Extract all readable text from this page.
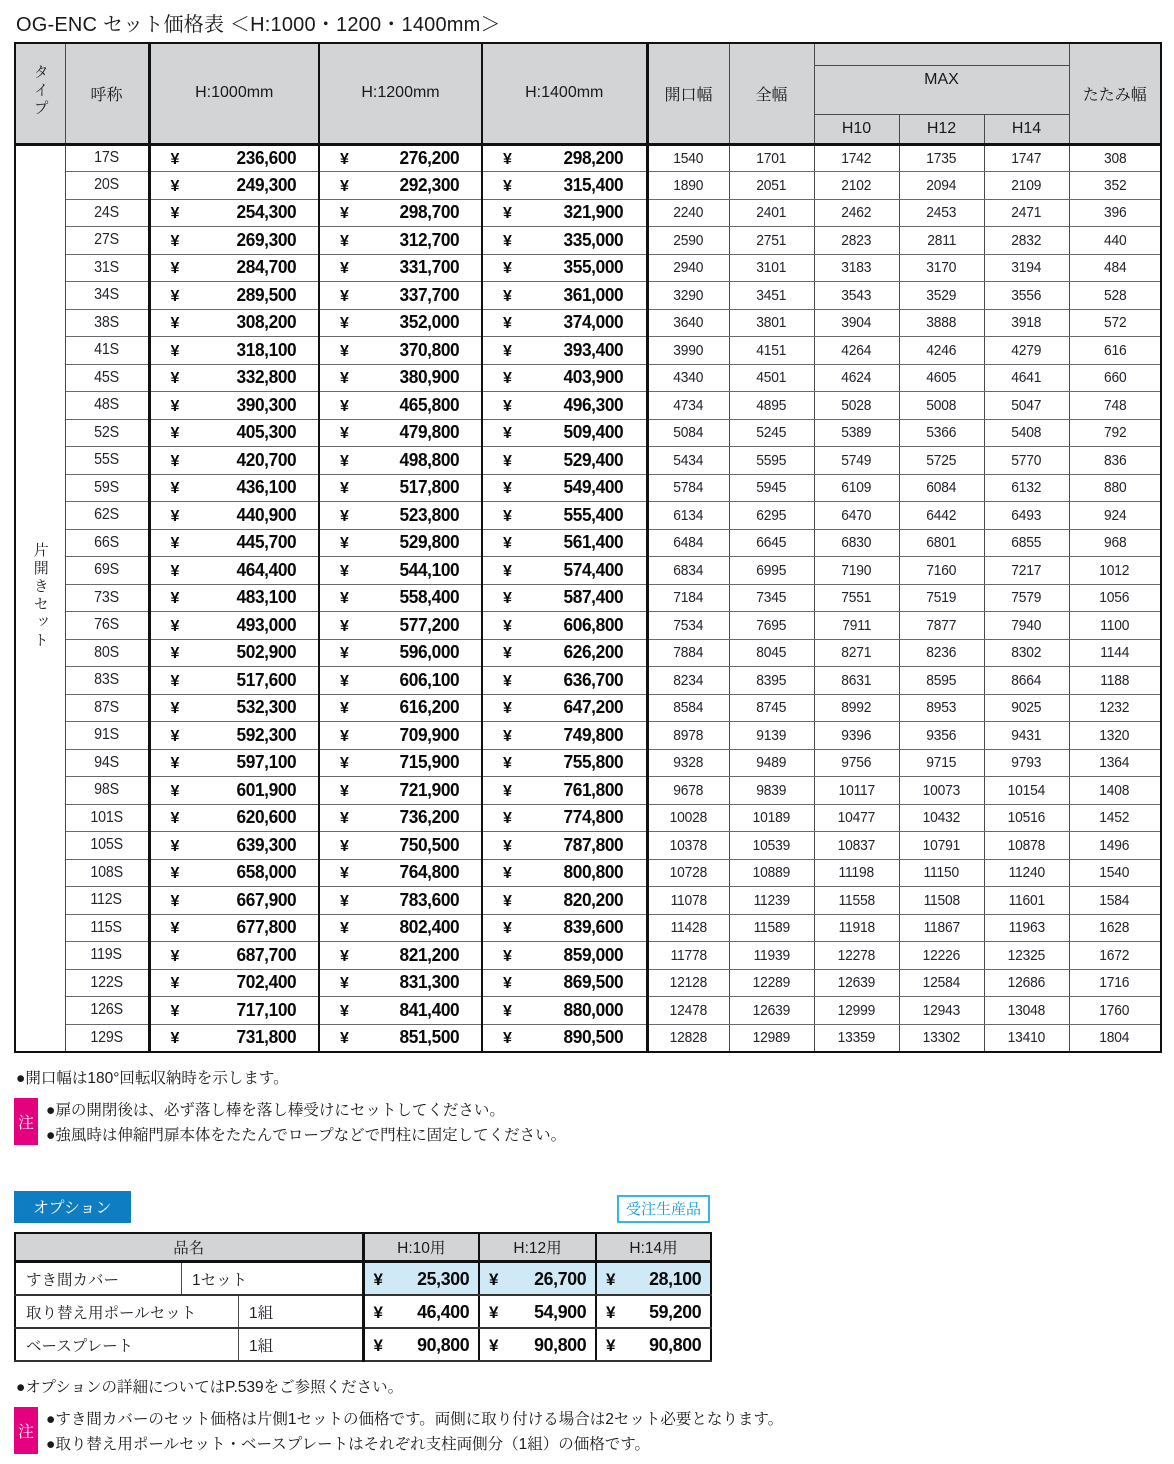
OG-ENC セット価格表 ＜H:1000・1200・1400mm＞
タイプ	呼称	H:1000mm	H:1200mm	H:1400mm	開口幅	全幅	MAX			たたみ幅
							H10	H12	H14	
片開きセット	17S	¥ 236,600	¥ 276,200	¥ 298,200	1540	1701	1742	1735	1747	308
	20S	¥ 249,300	¥ 292,300	¥ 315,400	1890	2051	2102	2094	2109	352
	24S	¥ 254,300	¥ 298,700	¥ 321,900	2240	2401	2462	2453	2471	396
	27S	¥ 269,300	¥ 312,700	¥ 335,000	2590	2751	2823	2811	2832	440
	31S	¥ 284,700	¥ 331,700	¥ 355,000	2940	3101	3183	3170	3194	484
	34S	¥ 289,500	¥ 337,700	¥ 361,000	3290	3451	3543	3529	3556	528
	38S	¥ 308,200	¥ 352,000	¥ 374,000	3640	3801	3904	3888	3918	572
	41S	¥ 318,100	¥ 370,800	¥ 393,400	3990	4151	4264	4246	4279	616
	45S	¥ 332,800	¥ 380,900	¥ 403,900	4340	4501	4624	4605	4641	660
	48S	¥ 390,300	¥ 465,800	¥ 496,300	4734	4895	5028	5008	5047	748
	52S	¥ 405,300	¥ 479,800	¥ 509,400	5084	5245	5389	5366	5408	792
	55S	¥ 420,700	¥ 498,800	¥ 529,400	5434	5595	5749	5725	5770	836
	59S	¥ 436,100	¥ 517,800	¥ 549,400	5784	5945	6109	6084	6132	880
	62S	¥ 440,900	¥ 523,800	¥ 555,400	6134	6295	6470	6442	6493	924
	66S	¥ 445,700	¥ 529,800	¥ 561,400	6484	6645	6830	6801	6855	968
	69S	¥ 464,400	¥ 544,100	¥ 574,400	6834	6995	7190	7160	7217	1012
	73S	¥ 483,100	¥ 558,400	¥ 587,400	7184	7345	7551	7519	7579	1056
	76S	¥ 493,000	¥ 577,200	¥ 606,800	7534	7695	7911	7877	7940	1100
	80S	¥ 502,900	¥ 596,000	¥ 626,200	7884	8045	8271	8236	8302	1144
	83S	¥ 517,600	¥ 606,100	¥ 636,700	8234	8395	8631	8595	8664	1188
	87S	¥ 532,300	¥ 616,200	¥ 647,200	8584	8745	8992	8953	9025	1232
	91S	¥ 592,300	¥ 709,900	¥ 749,800	8978	9139	9396	9356	9431	1320
	94S	¥ 597,100	¥ 715,900	¥ 755,800	9328	9489	9756	9715	9793	1364
	98S	¥ 601,900	¥ 721,900	¥ 761,800	9678	9839	10117	10073	10154	1408
	101S	¥ 620,600	¥ 736,200	¥ 774,800	10028	10189	10477	10432	10516	1452
	105S	¥ 639,300	¥ 750,500	¥ 787,800	10378	10539	10837	10791	10878	1496
	108S	¥ 658,000	¥ 764,800	¥ 800,800	10728	10889	11198	11150	11240	1540
	112S	¥ 667,900	¥ 783,600	¥ 820,200	11078	11239	11558	11508	11601	1584
	115S	¥ 677,800	¥ 802,400	¥ 839,600	11428	11589	11918	11867	11963	1628
	119S	¥ 687,700	¥ 821,200	¥ 859,000	11778	11939	12278	12226	12325	1672
	122S	¥ 702,400	¥ 831,300	¥ 869,500	12128	12289	12639	12584	12686	1716
	126S	¥ 717,100	¥ 841,400	¥ 880,000	12478	12639	12999	12943	13048	1760
	129S	¥ 731,800	¥ 851,500	¥ 890,500	12828	12989	13359	13302	13410	1804

●開口幅は180°回転収納時を示します。

注

●扉の開閉後は、必ず落し棒を落し棒受けにセットしてください。

●強風時は伸縮門扉本体をたたんでロープなどで門柱に固定してください。

オプション	受注生産品
品名	H:10用	H:12用	H:14用

すき間カバー 1セット	¥ 25,300	¥ 26,700	¥ 28,100

取り替え用ポールセット 1組	¥ 46,400	¥ 54,900	¥ 59,200

ベースプレート 1組	¥ 90,800	¥ 90,800	¥ 90,800

●オプションの詳細についてはP.539をご参照ください。

注

●すき間カバーのセット価格は片側1セットの価格です。両側に取り付ける場合は2セット必要となります。

●取り替え用ポールセット・ベースプレートはそれぞれ支柱両側分（1組）の価格です。
